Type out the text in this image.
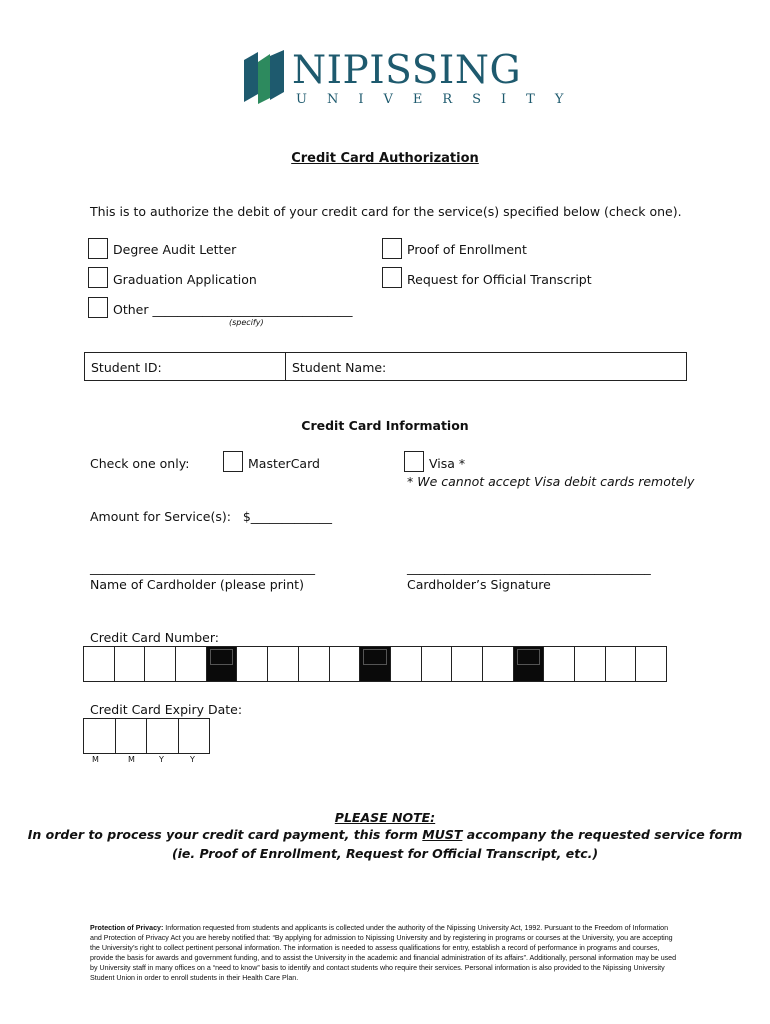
NIPISSING
UNIVERSITY
Credit Card Authorization
This is to authorize the debit of your credit card for the service(s) specified below (check one).
Degree Audit Letter	Proof of Enrollment
Graduation Application	Request for Official Transcript
Other ________________________________
(specify)
Student ID:	Student Name:
Credit Card Information
Check one only:	MasterCard	Visa *
* We cannot accept Visa debit cards remotely
Amount for Service(s):   $_____________
____________________________________	_______________________________________
Name of Cardholder (please print)	Cardholder’s Signature
Credit Card Number:
Credit Card Expiry Date:
M	M	Y	Y
PLEASE NOTE:
In order to process your credit card payment, this form MUST accompany the requested service form
(ie. Proof of Enrollment, Request for Official Transcript, etc.)
Protection of Privacy: Information requested from students and applicants is collected under the authority of the Nipissing University Act, 1992. Pursuant to the Freedom of Information and Protection of Privacy Act you are hereby notified that: “By applying for admission to Nipissing University and by registering in programs or courses at the University, you are accepting the University’s right to collect pertinent personal information. The information is needed to assess qualifications for entry, establish a record of performance in programs and courses, provide the basis for awards and government funding, and to assist the University in the academic and financial administration of its affairs”. Additionally, personal information may be used by University staff in many offices on a “need to know” basis to identify and contact students who require their services. Personal information is also provided to the Nipissing University Student Union in order to enroll students in their Health Care Plan.
